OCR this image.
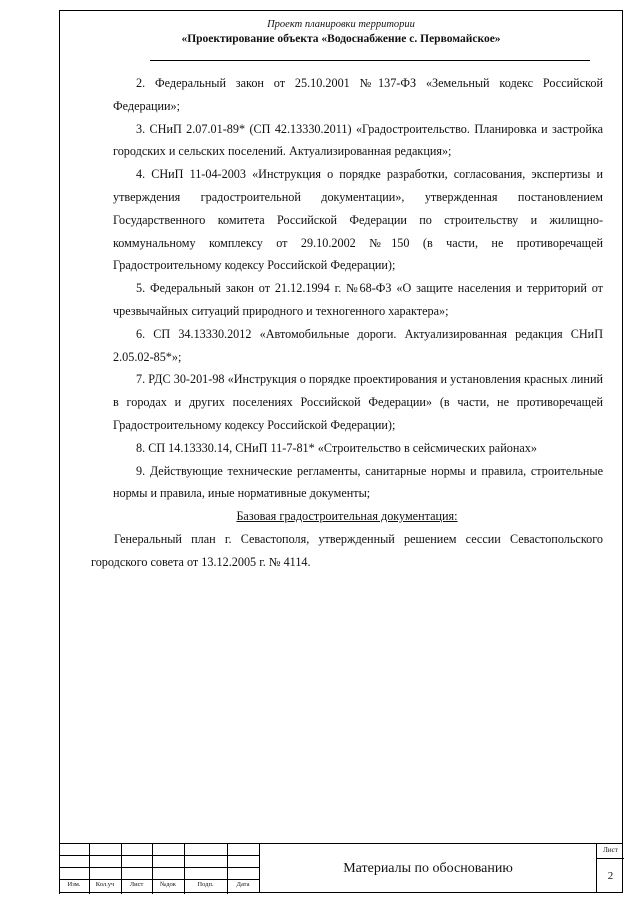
Проект планировки территории
«Проектирование объекта «Водоснабжение с. Первомайское»

2. Федеральный закон от 25.10.2001 №137-ФЗ «Земельный кодекс Российской Федерации»;

3. СНиП 2.07.01-89* (СП 42.13330.2011) «Градостроительство. Планировка и застройка городских и сельских поселений. Актуализированная редакция»;

4. СНиП 11-04-2003 «Инструкция о порядке разработки, согласования, экспертизы и утверждения градостроительной документации», утвержденная постановлением Государственного комитета Российской Федерации по строительству и жилищно-коммунальному комплексу от 29.10.2002 №150 (в части, не противоречащей Градостроительному кодексу Российской Федерации);

5. Федеральный закон от 21.12.1994 г. №68-ФЗ «О защите населения и территорий от чрезвычайных ситуаций природного и техногенного характера»;

6. СП 34.13330.2012 «Автомобильные дороги. Актуализированная редакция СНиП 2.05.02-85*»;

7. РДС 30-201-98 «Инструкция о порядке проектирования и установления красных линий в городах и других поселениях Российской Федерации» (в части, не противоречащей Градостроительному кодексу Российской Федерации);

8. СП 14.13330.14, СНиП 11-7-81* «Строительство в сейсмических районах»

9. Действующие технические регламенты, санитарные нормы и правила, строительные нормы и правила, иные нормативные документы;

Базовая градостроительная документация:

Генеральный план г. Севастополя, утвержденный решением сессии Севастопольского городского совета от 13.12.2005 г. № 4114.

Изм.	Кол.уч	Лист	№док	Подп.	Дата
Материалы по обоснованию
Лист
2
